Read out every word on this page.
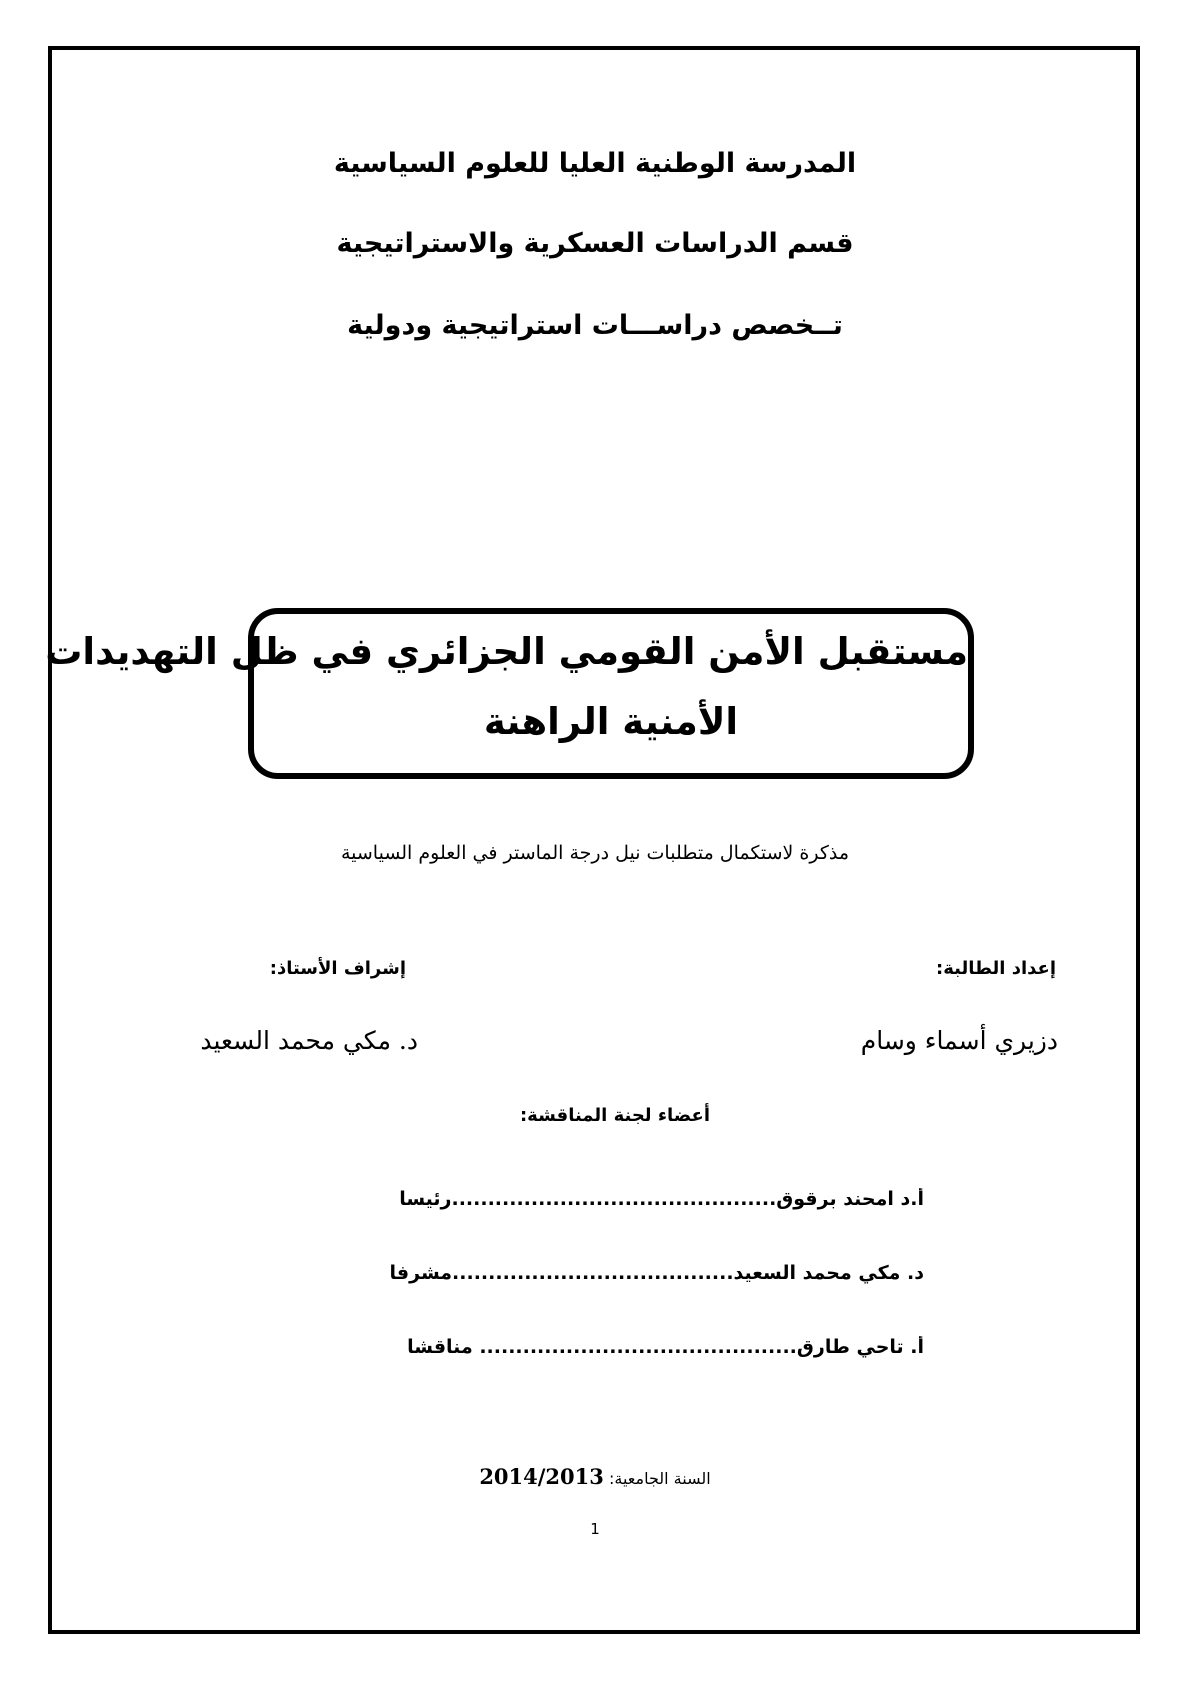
المدرسة الوطنية العليا للعلوم السياسية
قسم الدراسات العسكرية والاستراتيجية
تــخصص دراســـات استراتيجية ودولية
مستقبل الأمن القومي الجزائري في ظل التهديدات
الأمنية الراهنة
مذكرة لاستكمال متطلبات نيل درجة الماستر في العلوم السياسية
إعداد الطالبة:
إشراف الأستاذ:
دزيري أسماء وسام
د. مكي محمد السعيد
أعضاء لجنة المناقشة:
أ.د امحند برقوق.............................................رئيسا
د. مكي محمد السعيد.......................................مشرفا
أ. تاحي طارق............................................ مناقشا
السنة الجامعية: 2014/2013
1
